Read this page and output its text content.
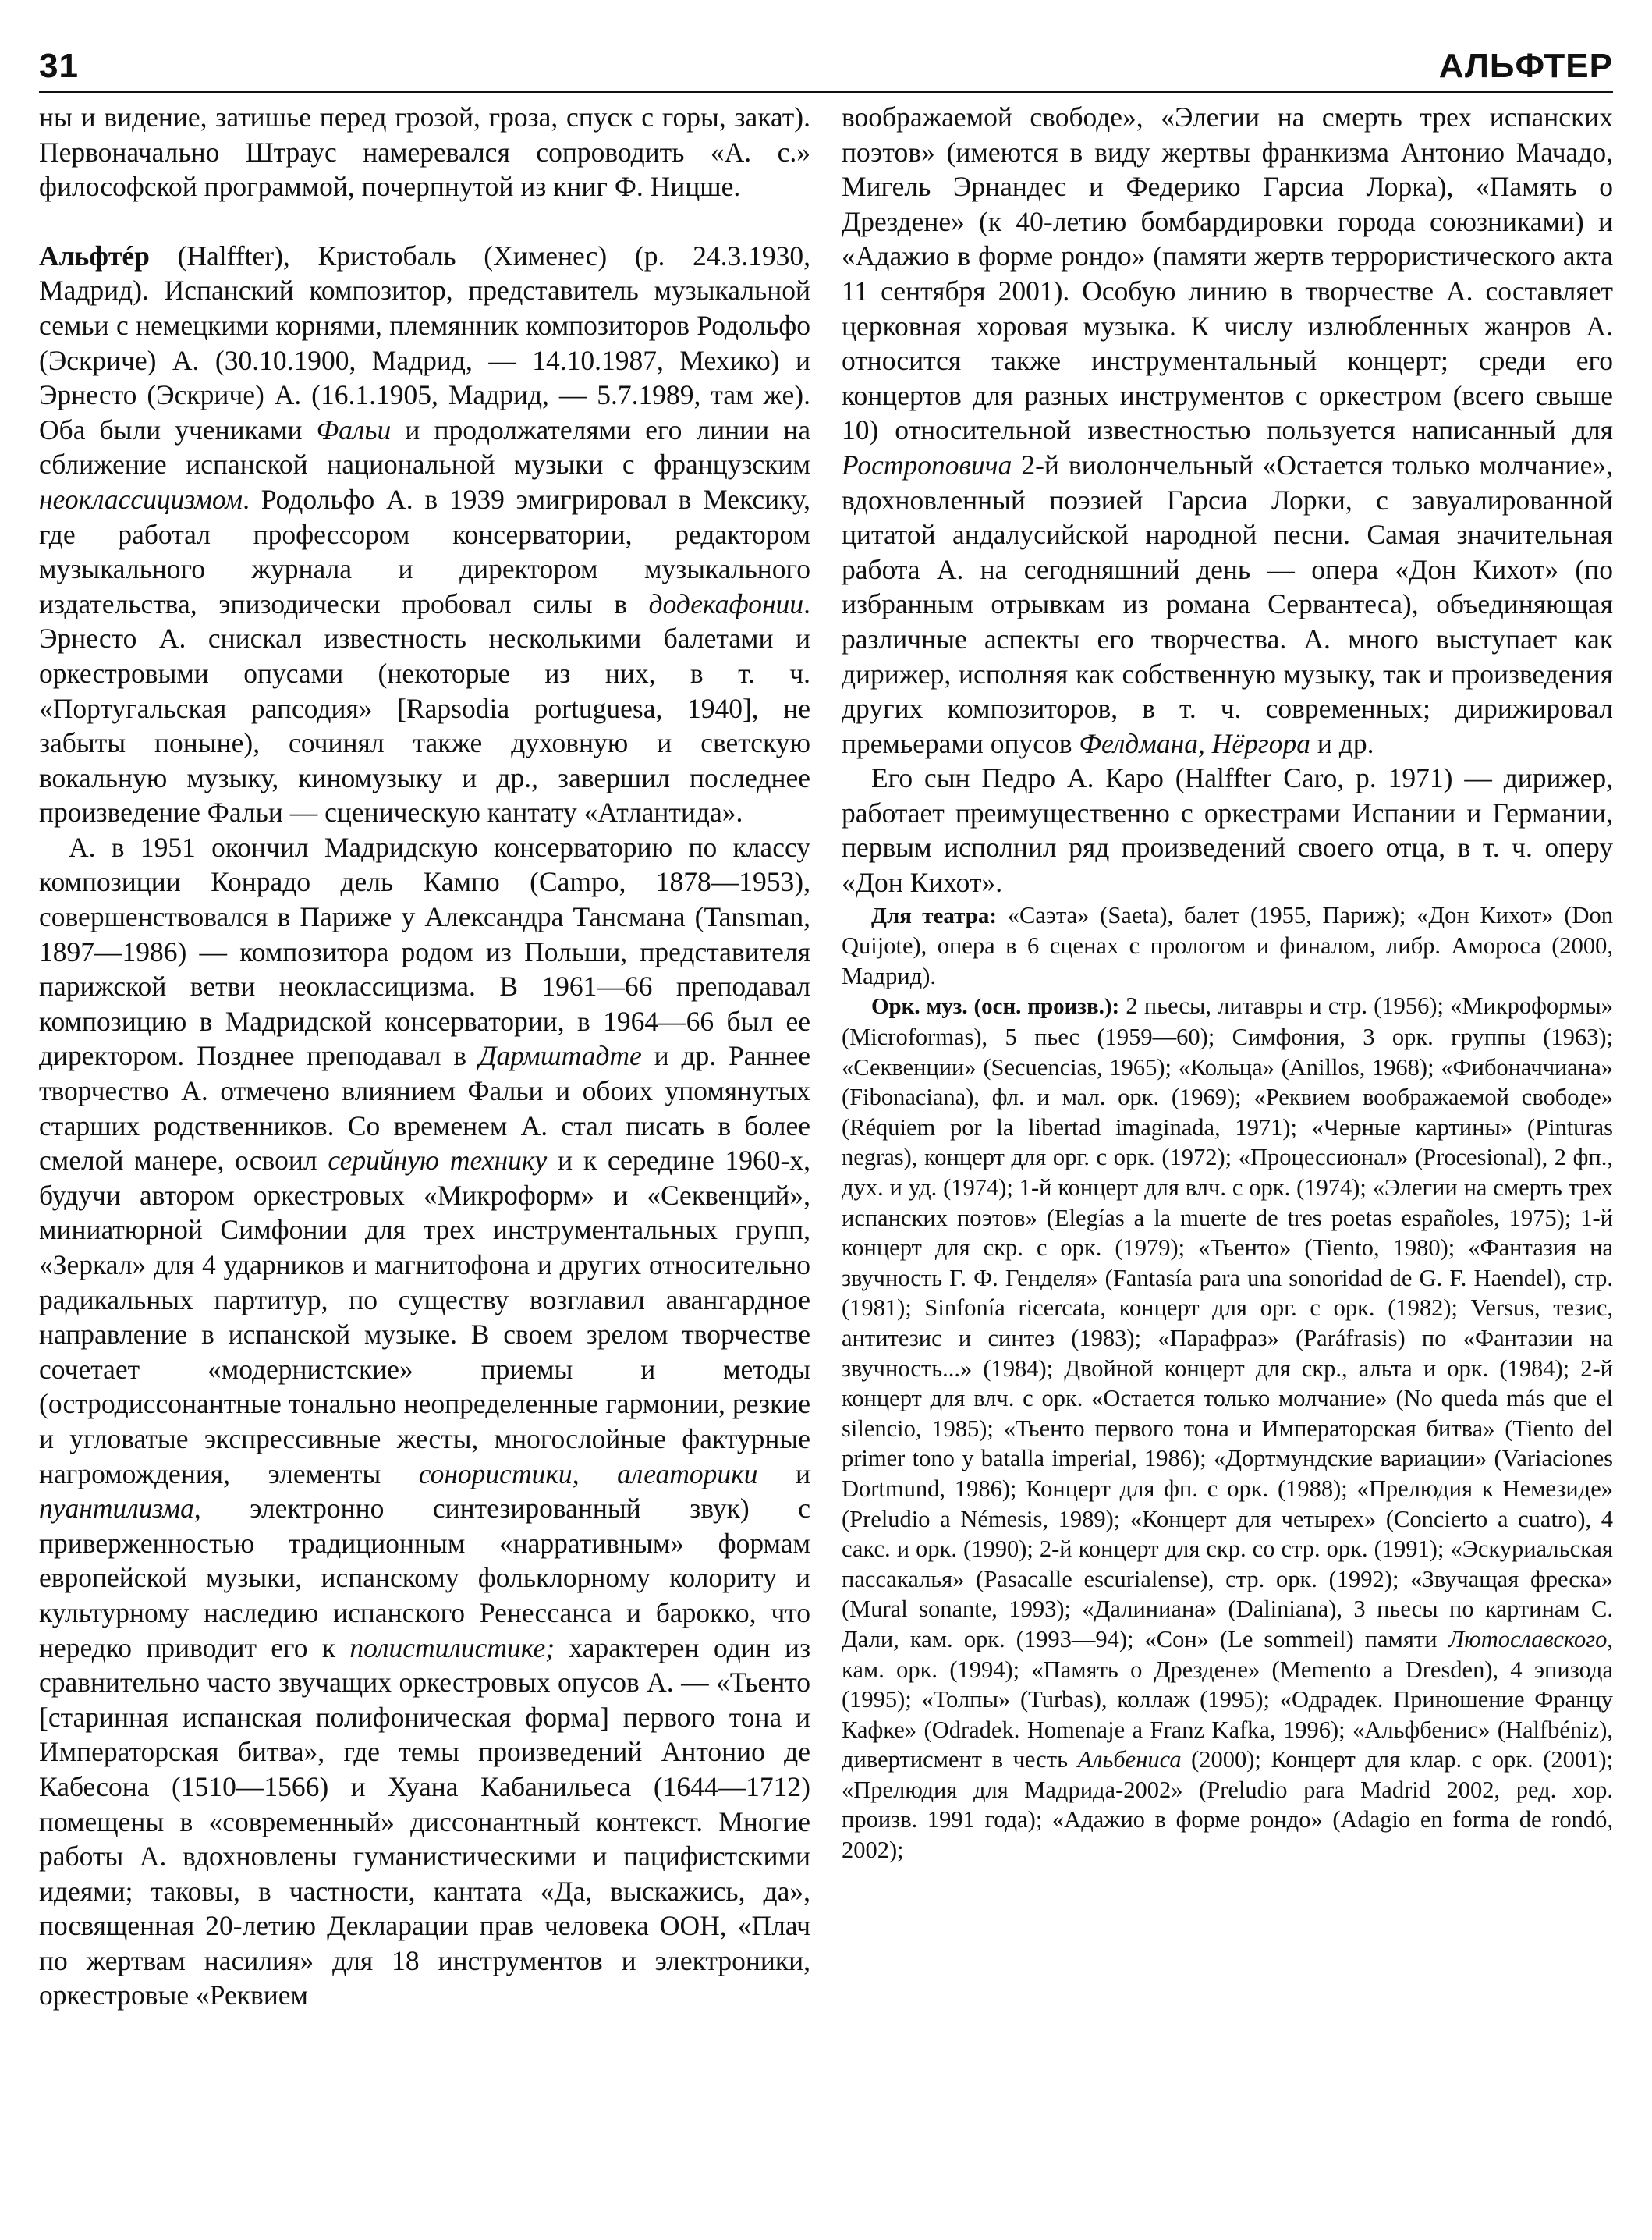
31	АЛЬФТЕР

ны и видение, затишье перед грозой, гроза, спуск с горы, закат). Первоначально Штраус намеревался сопроводить «А. с.» философской программой, почерпнутой из книг Ф. Ницше.

Альфтéр (Halffter), Кристобаль (Хименес) (р. 24.3.1930, Мадрид). Испанский композитор, представитель музыкальной семьи с немецкими корнями, племянник композиторов Родольфо (Эскриче) А. (30.10.1900, Мадрид, — 14.10.1987, Мехико) и Эрнесто (Эскриче) А. (16.1.1905, Мадрид, — 5.7.1989, там же). Оба были учениками Фальи и продолжателями его линии на сближение испанской национальной музыки с французским неоклассицизмом. Родольфо А. в 1939 эмигрировал в Мексику, где работал профессором консерватории, редактором музыкального журнала и директором музыкального издательства, эпизодически пробовал силы в додекафонии. Эрнесто А. снискал известность несколькими балетами и оркестровыми опусами (некоторые из них, в т. ч. «Португальская рапсодия» [Rapsodia portuguesa, 1940], не забыты поныне), сочинял также духовную и светскую вокальную музыку, киномузыку и др., завершил последнее произведение Фальи — сценическую кантату «Атлантида».

А. в 1951 окончил Мадридскую консерваторию по классу композиции Конрадо дель Кампо (Campo, 1878—1953), совершенствовался в Париже у Александра Тансмана (Tansman, 1897—1986) — композитора родом из Польши, представителя парижской ветви неоклассицизма. В 1961—66 преподавал композицию в Мадридской консерватории, в 1964—66 был ее директором. Позднее преподавал в Дармштадте и др. Раннее творчество А. отмечено влиянием Фальи и обоих упомянутых старших родственников. Со временем А. стал писать в более смелой манере, освоил серийную технику и к середине 1960-х, будучи автором оркестровых «Микроформ» и «Секвенций», миниатюрной Симфонии для трех инструментальных групп, «Зеркал» для 4 ударников и магнитофона и других относительно радикальных партитур, по существу возглавил авангардное направление в испанской музыке. В своем зрелом творчестве сочетает «модернистские» приемы и методы (остродиссонантные тонально неопределенные гармонии, резкие и угловатые экспрессивные жесты, многослойные фактурные нагромождения, элементы сонористики, алеаторики и пуантилизма, электронно синтезированный звук) с приверженностью традиционным «нарративным» формам европейской музыки, испанскому фольклорному колориту и культурному наследию испанского Ренессанса и барокко, что нередко приводит его к полистилистике; характерен один из сравнительно часто звучащих оркестровых опусов А. — «Тьенто [старинная испанская полифоническая форма] первого тона и Императорская битва», где темы произведений Антонио де Кабесона (1510—1566) и Хуана Кабанильеса (1644—1712) помещены в «современный» диссонантный контекст. Многие работы А. вдохновлены гуманистическими и пацифистскими идеями; таковы, в частности, кантата «Да, выскажись, да», посвященная 20-летию Декларации прав человека ООН, «Плач по жертвам насилия» для 18 инструментов и электроники, оркестровые «Реквием

воображаемой свободе», «Элегии на смерть трех испанских поэтов» (имеются в виду жертвы франкизма Антонио Мачадо, Мигель Эрнандес и Федерико Гарсиа Лорка), «Память о Дрездене» (к 40-летию бомбардировки города союзниками) и «Адажио в форме рондо» (памяти жертв террористического акта 11 сентября 2001). Особую линию в творчестве А. составляет церковная хоровая музыка. К числу излюбленных жанров А. относится также инструментальный концерт; среди его концертов для разных инструментов с оркестром (всего свыше 10) относительной известностью пользуется написанный для Ростроповича 2-й виолончельный «Остается только молчание», вдохновленный поэзией Гарсиа Лорки, с завуалированной цитатой андалусийской народной песни. Самая значительная работа А. на сегодняшний день — опера «Дон Кихот» (по избранным отрывкам из романа Сервантеса), объединяющая различные аспекты его творчества. А. много выступает как дирижер, исполняя как собственную музыку, так и произведения других композиторов, в т. ч. современных; дирижировал премьерами опусов Фелдмана, Нёргора и др.

Его сын Педро А. Каро (Halffter Caro, р. 1971) — дирижер, работает преимущественно с оркестрами Испании и Германии, первым исполнил ряд произведений своего отца, в т. ч. оперу «Дон Кихот».

Для театра: «Саэта» (Saeta), балет (1955, Париж); «Дон Кихот» (Don Quijote), опера в 6 сценах с прологом и финалом, либр. Амороса (2000, Мадрид).

Орк. муз. (осн. произв.): 2 пьесы, литавры и стр. (1956); «Микроформы» (Microformas), 5 пьес (1959—60); Симфония, 3 орк. группы (1963); «Секвенции» (Secuencias, 1965); «Кольца» (Anillos, 1968); «Фибоначчиана» (Fibonaciana), фл. и мал. орк. (1969); «Реквием воображаемой свободе» (Réquiem por la libertad imaginada, 1971); «Черные картины» (Pinturas negras), концерт для орг. с орк. (1972); «Процессионал» (Procesional), 2 фп., дух. и уд. (1974); 1-й концерт для влч. с орк. (1974); «Элегии на смерть трех испанских поэтов» (Elegías a la muerte de tres poetas españoles, 1975); 1-й концерт для скр. с орк. (1979); «Тьенто» (Tiento, 1980); «Фантазия на звучность Г. Ф. Генделя» (Fantasía para una sonoridad de G. F. Haendel), стр. (1981); Sinfonía ricercata, концерт для орг. с орк. (1982); Versus, тезис, антитезис и синтез (1983); «Парафраз» (Paráfrasis) по «Фантазии на звучность...» (1984); Двойной концерт для скр., альта и орк. (1984); 2-й концерт для влч. с орк. «Остается только молчание» (No queda más que el silencio, 1985); «Тьенто первого тона и Императорская битва» (Tiento del primer tono y batalla imperial, 1986); «Дортмундские вариации» (Variaciones Dortmund, 1986); Концерт для фп. с орк. (1988); «Прелюдия к Немезиде» (Preludio a Némesis, 1989); «Концерт для четырех» (Concierto a cuatro), 4 сакс. и орк. (1990); 2-й концерт для скр. со стр. орк. (1991); «Эскуриальская пассакалья» (Pasacalle escurialense), стр. орк. (1992); «Звучащая фреска» (Mural sonante, 1993); «Далиниана» (Daliniana), 3 пьесы по картинам С. Дали, кам. орк. (1993—94); «Сон» (Le sommeil) памяти Лютославского, кам. орк. (1994); «Память о Дрездене» (Memento a Dresden), 4 эпизода (1995); «Толпы» (Turbas), коллаж (1995); «Одрадек. Приношение Францу Кафке» (Odradek. Homenaje a Franz Kafka, 1996); «Альфбенис» (Halfbéniz), дивертисмент в честь Альбениса (2000); Концерт для клар. с орк. (2001); «Прелюдия для Мадрида-2002» (Preludio para Madrid 2002, ред. хор. произв. 1991 года); «Адажио в форме рондо» (Adagio en forma de rondó, 2002);
